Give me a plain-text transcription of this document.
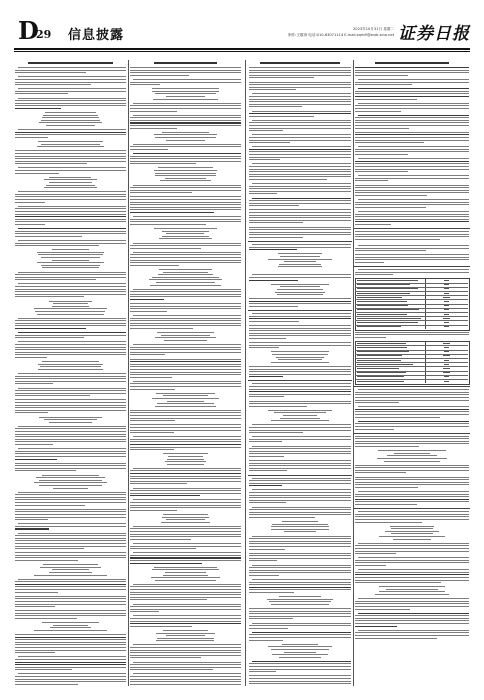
D
29 信息披露	2023年10月31日 星期二
制作:王敬涛 电话:010-63071114 E-mail:zqrb9@zqrb.sina.net 证券日报
